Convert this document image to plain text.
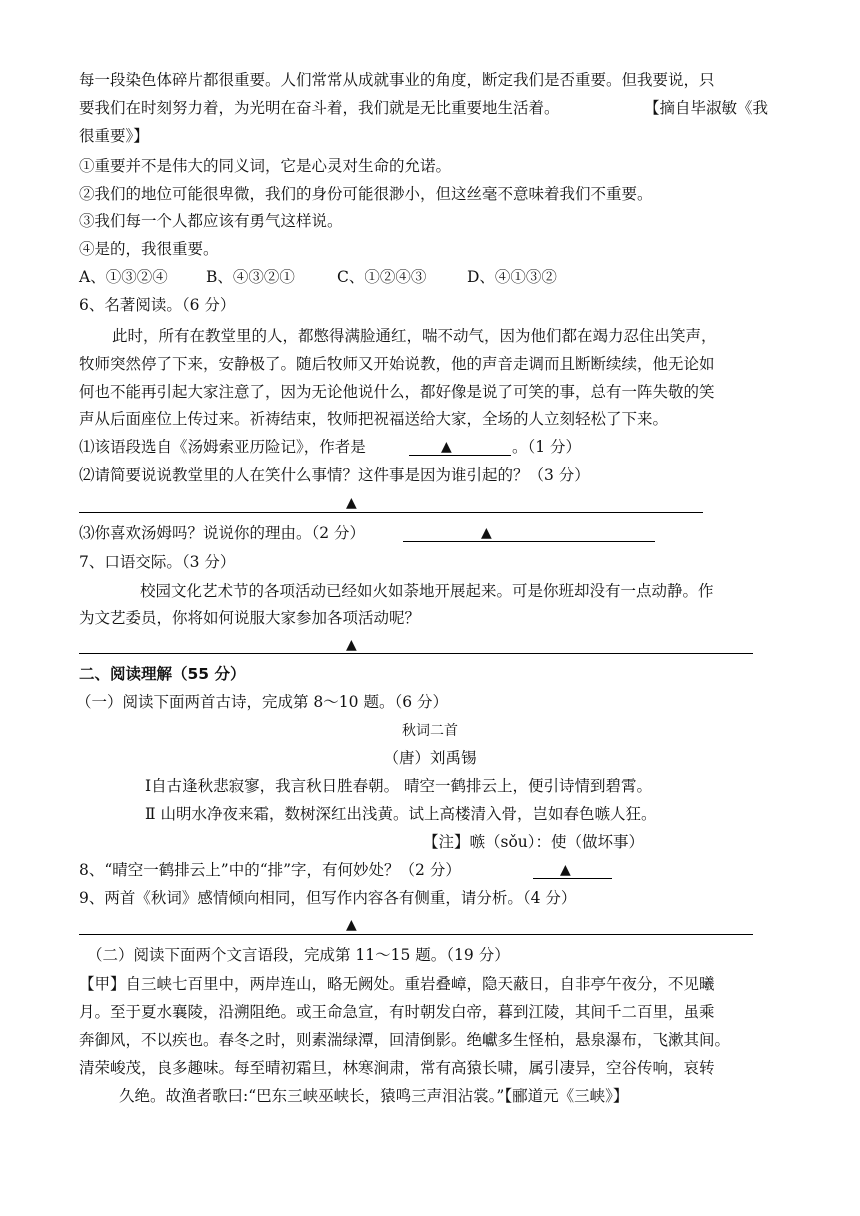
每一段染色体碎片都很重要。人们常常从成就事业的角度，断定我们是否重要。但我要说，只
要我们在时刻努力着，为光明在奋斗着，我们就是无比重要地生活着。	【摘自毕淑敏《我
很重要》】
①重要并不是伟大的同义词，它是心灵对生命的允诺。
②我们的地位可能很卑微，我们的身份可能很渺小，但这丝毫不意味着我们不重要。
③我们每一个人都应该有勇气这样说。
④是的，我很重要。
A、①③②④ B、④③②①	C、①②④③	D、④①③②
6、名著阅读。（6 分）
此时，所有在教堂里的人，都憋得满脸通红，喘不动气，因为他们都在竭力忍住出笑声，
牧师突然停了下来，安静极了。随后牧师又开始说教，他的声音走调而且断断续续，他无论如
何也不能再引起大家注意了，因为无论他说什么，都好像是说了可笑的事，总有一阵失敬的笑
声从后面座位上传过来。祈祷结束，牧师把祝福送给大家，全场的人立刻轻松了下来。
⑴该语段选自《汤姆索亚历险记》，作者是	▲	。（1 分）
⑵请简要说说教堂里的人在笑什么事情？这件事是因为谁引起的？（3 分）
▲
⑶你喜欢汤姆吗？说说你的理由。（2 分）	▲
7、口语交际。（3 分）
校园文化艺术节的各项活动已经如火如荼地开展起来。可是你班却没有一点动静。作
为文艺委员，你将如何说服大家参加各项活动呢？
▲
二、阅读理解（55 分）
（一）阅读下面两首古诗，完成第 8～10 题。（6 分）
秋词二首
（唐）刘禹锡
Ⅰ自古逢秋悲寂寥，我言秋日胜春朝。 晴空一鹤排云上，便引诗情到碧霄。
Ⅱ 山明水净夜来霜，数树深红出浅黄。试上高楼清入骨，岂如春色嗾人狂。
【注】嗾（sǒu）：使（做坏事）
8、“晴空一鹤排云上”中的“排”字，有何妙处？（2 分）	▲
9、两首《秋词》感情倾向相同，但写作内容各有侧重，请分析。（4 分）
▲
（二）阅读下面两个文言语段，完成第 11～15 题。（19 分）
【甲】自三峡七百里中，两岸连山，略无阙处。重岩叠嶂，隐天蔽日，自非亭午夜分，不见曦
月。至于夏水襄陵，沿溯阻绝。或王命急宣，有时朝发白帝，暮到江陵，其间千二百里，虽乘
奔御风，不以疾也。春冬之时，则素湍绿潭，回清倒影。绝巘多生怪柏，悬泉瀑布，飞漱其间。
清荣峻茂，良多趣味。每至晴初霜旦，林寒涧肃，常有高猿长啸，属引凄异，空谷传响，哀转
久绝。故渔者歌曰:“巴东三峡巫峡长，猿鸣三声泪沾裳。”【郦道元《三峡》】
